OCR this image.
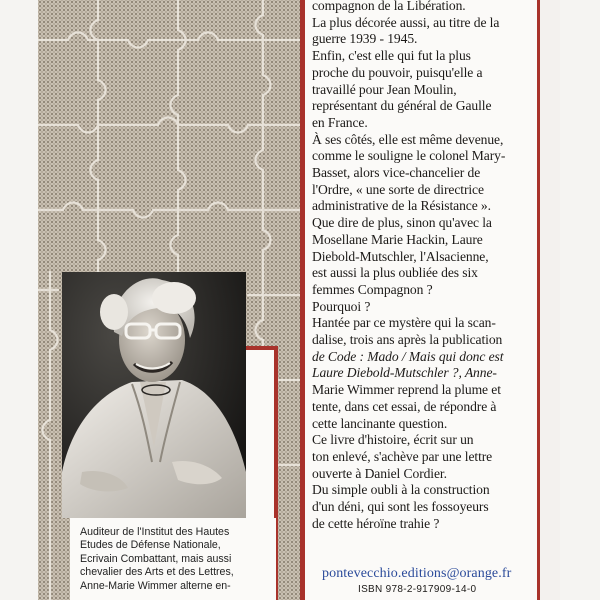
compagnon de la Libération.

La plus décorée aussi, au titre de la

guerre 1939 - 1945.

Enfin, c'est elle qui fut la plus

proche du pouvoir, puisqu'elle a

travaillé pour Jean Moulin,

représentant du général de Gaulle

en France.

À ses côtés, elle est même devenue,

comme le souligne le colonel Mary-

Basset, alors vice-chancelier de

l'Ordre, « une sorte de directrice

administrative de la Résistance ».

Que dire de plus, sinon qu'avec la

Mosellane Marie Hackin, Laure

Diebold-Mutschler, l'Alsacienne,

est aussi la plus oubliée des six

femmes Compagnon ?

Pourquoi ?

Hantée par ce mystère qui la scan-

dalise, trois ans après la publication

de Code : Mado / Mais qui donc est

Laure Diebold-Mutschler ?, Anne-

Marie Wimmer reprend la plume et

tente, dans cet essai, de répondre à

cette lancinante question.

Ce livre d'histoire, écrit sur un

ton enlevé, s'achève par une lettre

ouverte à Daniel Cordier.

Du simple oubli à la construction

d'un déni, qui sont les fossoyeurs

de cette héroïne trahie ?

pontevecchio.editions@orange.fr
ISBN 978-2-917909-14-0

Auditeur de l'Institut des Hautes

Etudes de Défense Nationale,

Ecrivain Combattant, mais aussi

chevalier des Arts et des Lettres,

Anne-Marie Wimmer alterne en-
